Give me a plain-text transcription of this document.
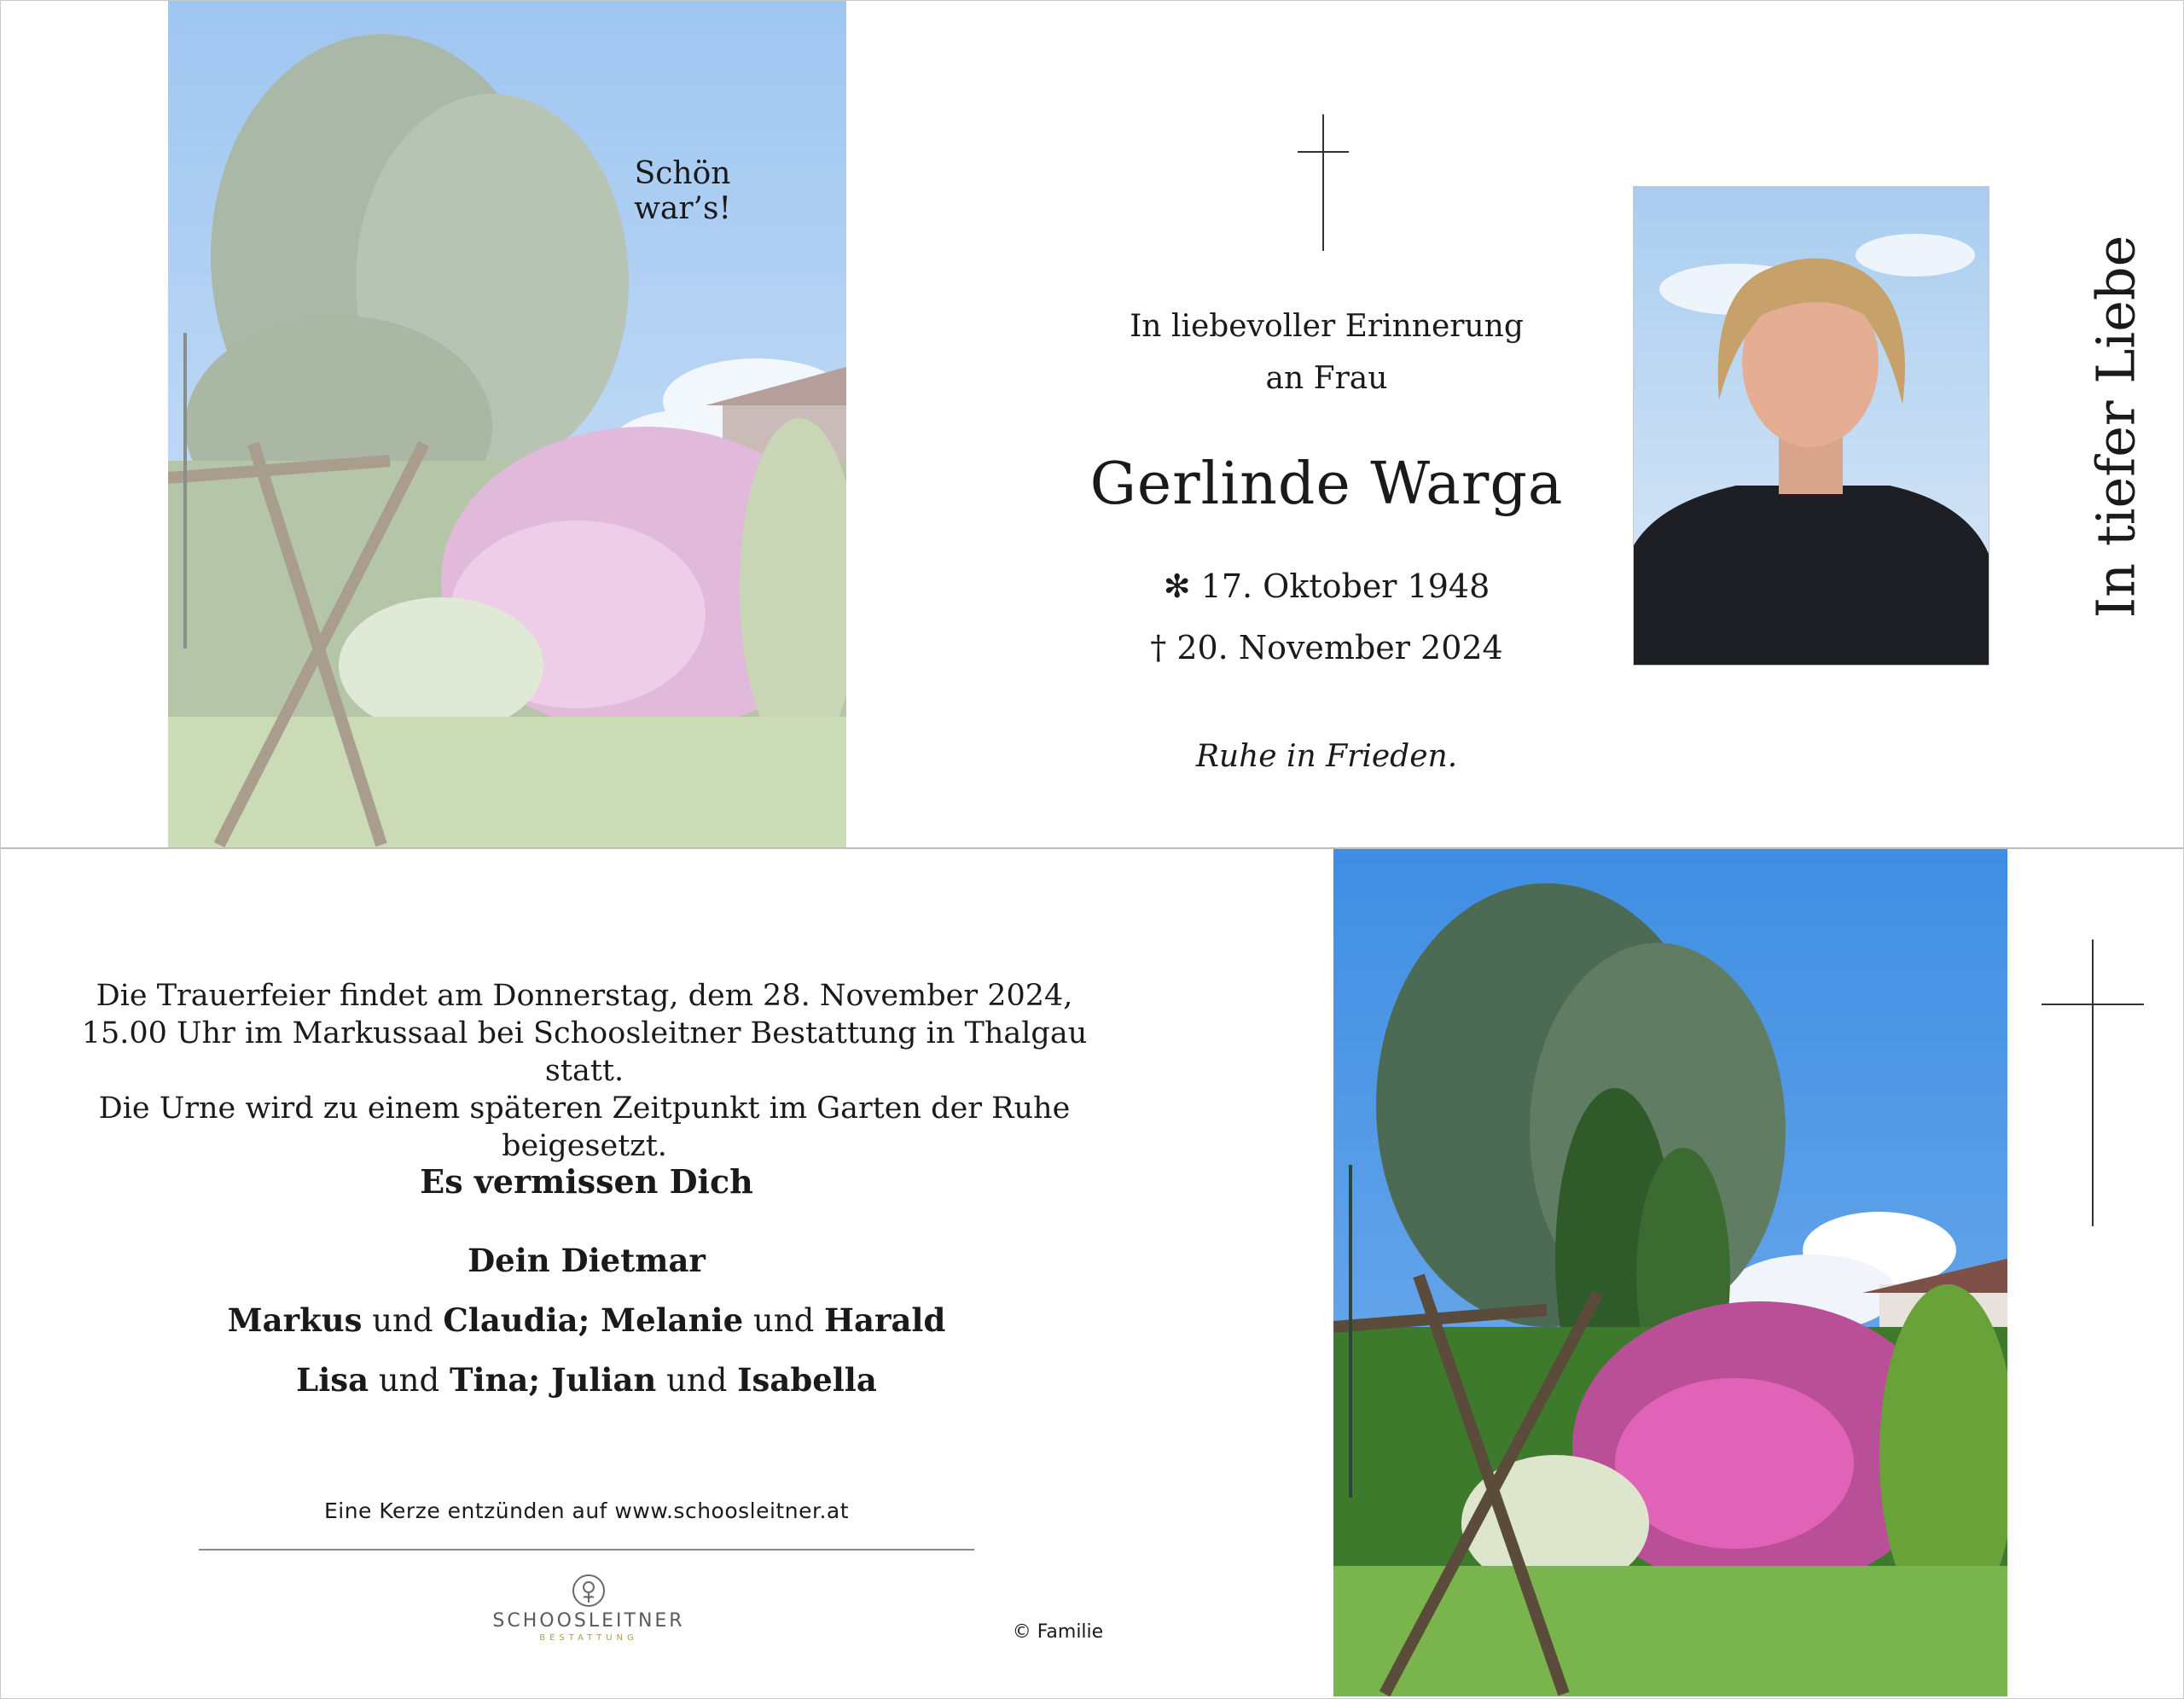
Schön war’s!
In liebevoller Erinnerung
an Frau
Gerlinde Warga
✻ 17. Oktober 1948
† 20. November 2024
Ruhe in Frieden.
In tiefer Liebe
Die Trauerfeier findet am Donnerstag, dem 28. November 2024,
15.00 Uhr im Markussaal bei Schoosleitner Bestattung in Thalgau statt.
Die Urne wird zu einem späteren Zeitpunkt im Garten der Ruhe beigesetzt.
Es vermissen Dich
Dein Dietmar
Markus und Claudia; Melanie und Harald
Lisa und Tina; Julian und Isabella
Eine Kerze entzünden auf www.schoosleitner.at
SCHOOSLEITNER
BESTATTUNG	© Familie
